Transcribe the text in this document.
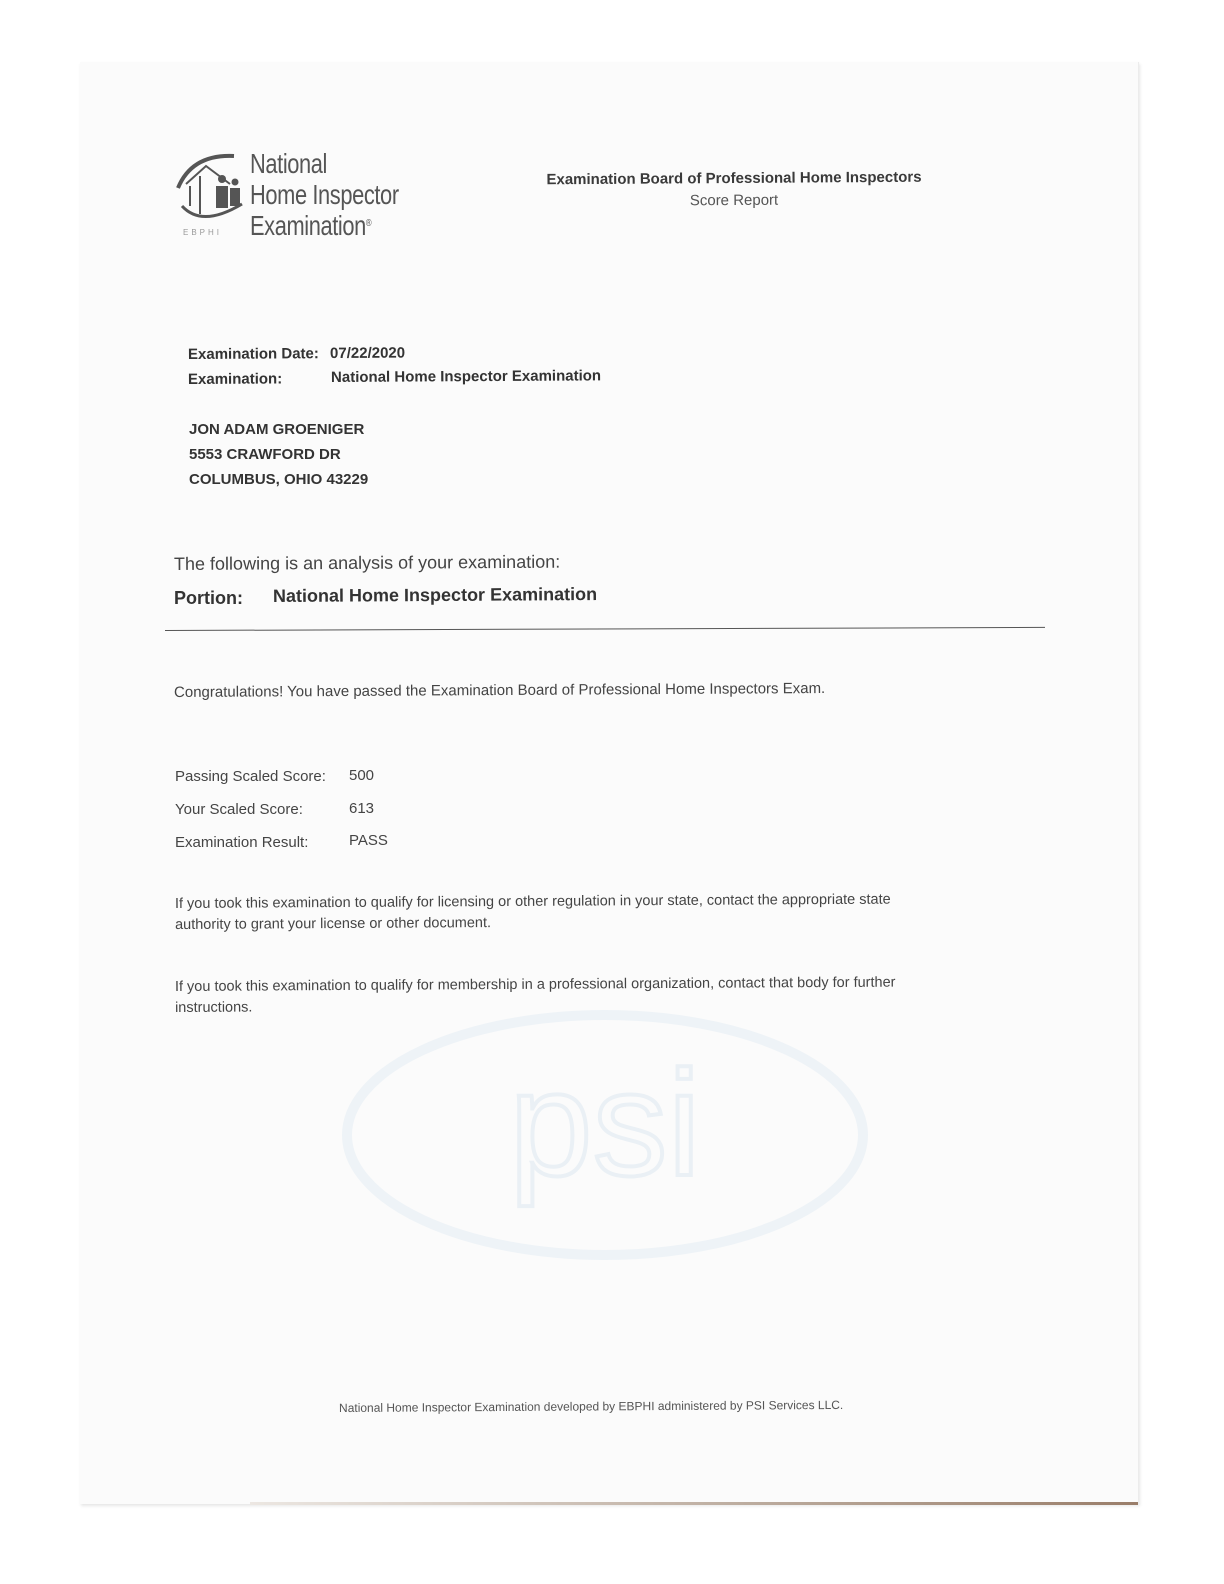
psi
National
Home Inspector
Examination®
EBPHI
Examination Board of Professional Home Inspectors
Score Report
Examination Date: 07/22/2020
Examination:	National Home Inspector Examination
JON ADAM GROENIGER
5553 CRAWFORD DR
COLUMBUS, OHIO 43229
The following is an analysis of your examination:
Portion: National Home Inspector Examination
Congratulations! You have passed the Examination Board of Professional Home Inspectors Exam.
Passing Scaled Score: 500
Your Scaled Score:	613
Examination Result:	PASS
If you took this examination to qualify for licensing or other regulation in your state, contact the appropriate state authority to grant your license or other document.
If you took this examination to qualify for membership in a professional organization, contact that body for further instructions.
National Home Inspector Examination developed by EBPHI administered by PSI Services LLC.
